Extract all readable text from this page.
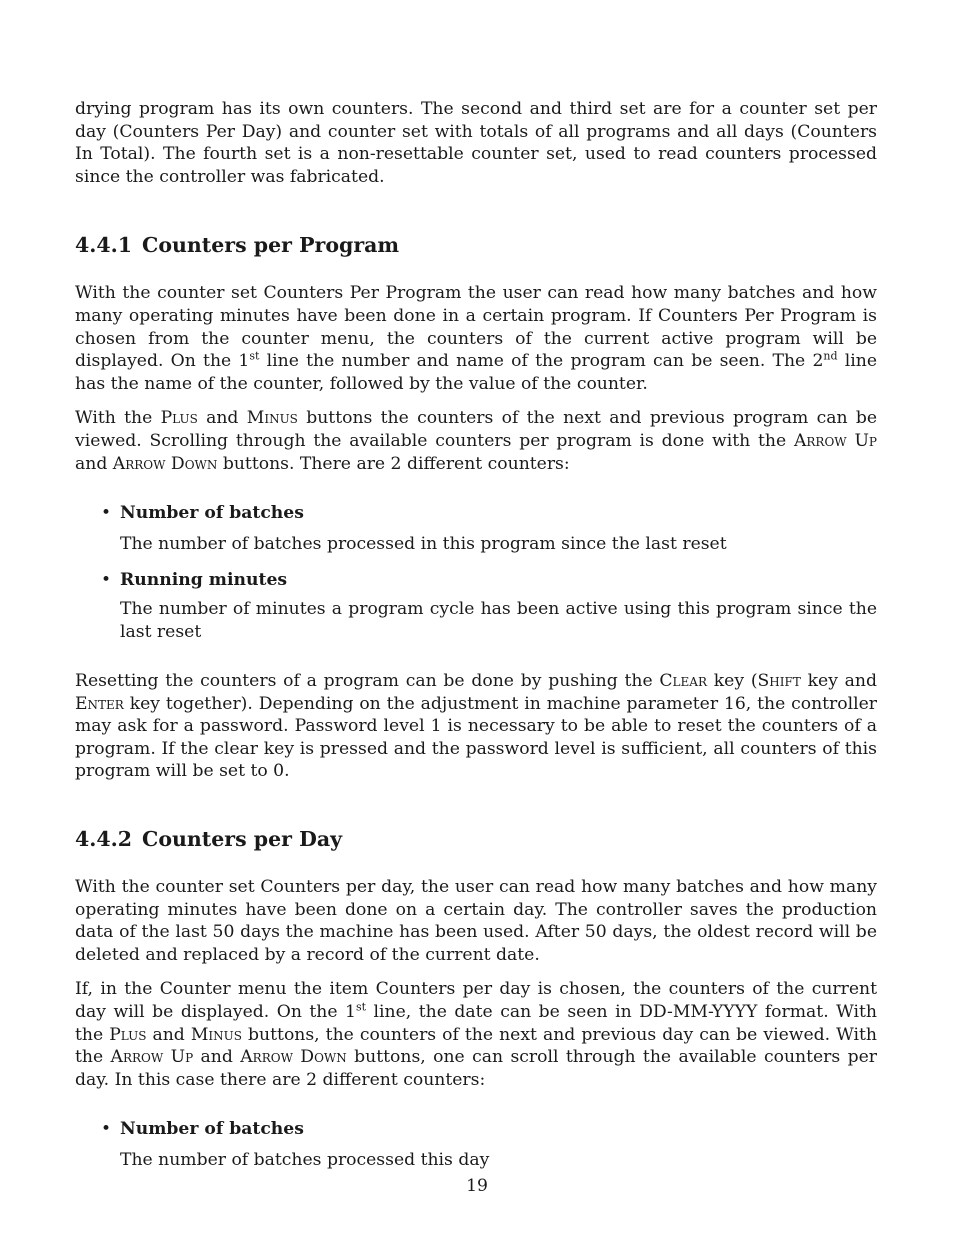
drying program has its own counters. The second and third set are for a counter set per day (Counters Per Day) and counter set with totals of all programs and all days (Counters In Total). The fourth set is a non-resettable counter set, used to read counters processed since the controller was fabricated.

4.4.1 Counters per Program

With the counter set Counters Per Program the user can read how many batches and how many operating minutes have been done in a certain program. If Counters Per Program is chosen from the counter menu, the counters of the current active program will be displayed. On the 1st line the number and name of the program can be seen. The 2nd line has the name of the counter, followed by the value of the counter.

With the Plus and Minus buttons the counters of the next and previous program can be viewed. Scrolling through the available counters per program is done with the Arrow Up and Arrow Down buttons. There are 2 different counters:

• Number of batches

The number of batches processed in this program since the last reset

• Running minutes

The number of minutes a program cycle has been active using this program since the last reset

Resetting the counters of a program can be done by pushing the Clear key (Shift key and Enter key together). Depending on the adjustment in machine parameter 16, the controller may ask for a password. Password level 1 is necessary to be able to reset the counters of a program. If the clear key is pressed and the password level is sufficient, all counters of this program will be set to 0.

4.4.2 Counters per Day

With the counter set Counters per day, the user can read how many batches and how many operating minutes have been done on a certain day. The controller saves the production data of the last 50 days the machine has been used. After 50 days, the oldest record will be deleted and replaced by a record of the current date.

If, in the Counter menu the item Counters per day is chosen, the counters of the current day will be displayed. On the 1st line, the date can be seen in DD-MM-YYYY format. With the Plus and Minus buttons, the counters of the next and previous day can be viewed. With the Arrow Up and Arrow Down buttons, one can scroll through the available counters per day. In this case there are 2 different counters:

• Number of batches

The number of batches processed this day

19
